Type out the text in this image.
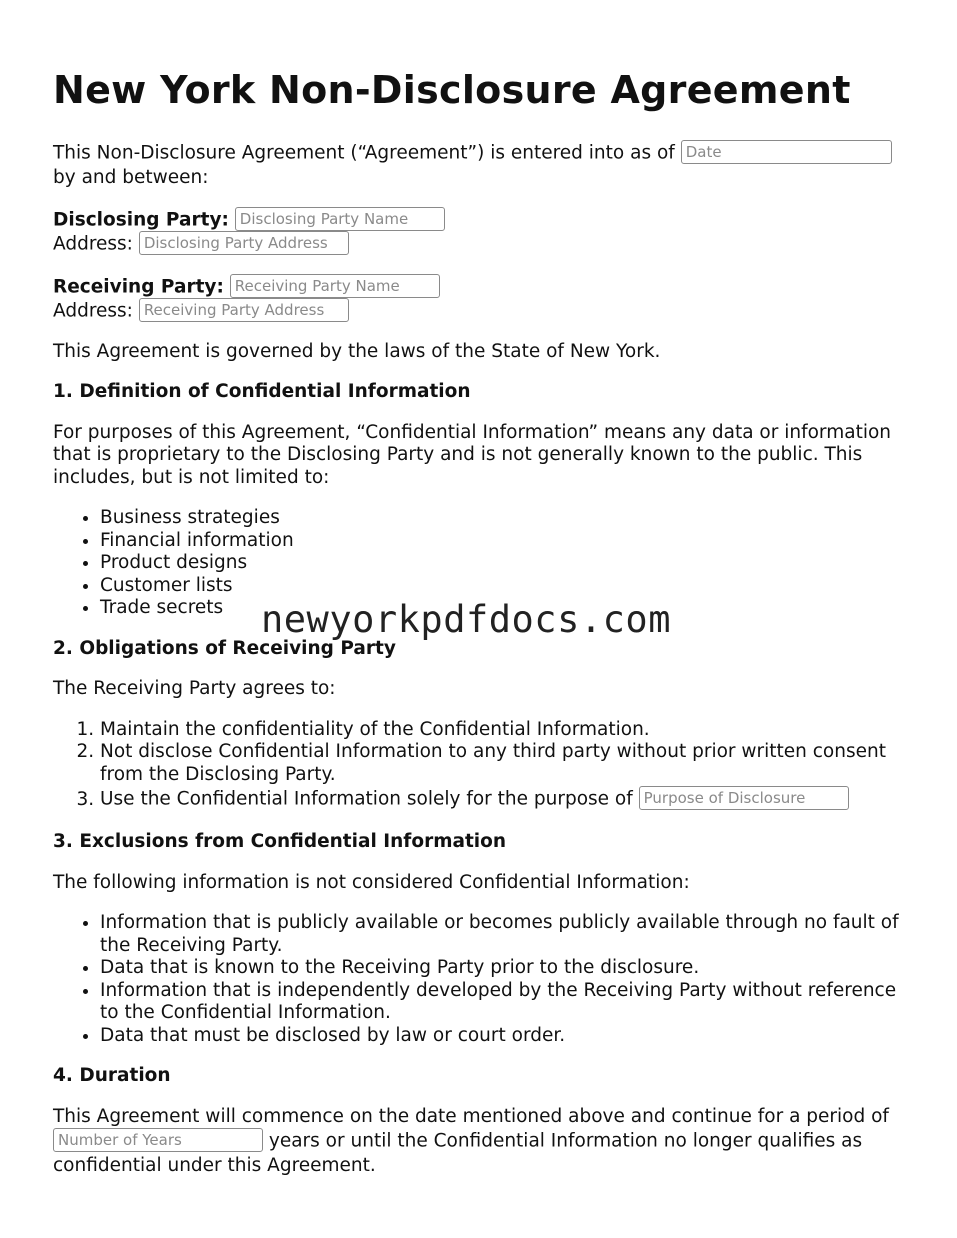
New York Non-Disclosure Agreement

This Non-Disclosure Agreement (“Agreement”) is entered into as of Date
by and between:

Disclosing Party: Disclosing Party Name
Address: Disclosing Party Address
Receiving Party: Receiving Party Name
Address: Receiving Party Address

This Agreement is governed by the laws of the State of New York.

1. Definition of Confidential Information

For purposes of this Agreement, “Confidential Information” means any data or information that is proprietary to the Disclosing Party and is not generally known to the public. This includes, but is not limited to:

• Business strategies
• Financial information
• Product designs
• Customer lists
• Trade secrets
2. Obligations of Receiving Party

The Receiving Party agrees to:

1. Maintain the confidentiality of the Confidential Information.
2. Not disclose Confidential Information to any third party without prior written consent from the Disclosing Party.
3. Use the Confidential Information solely for the purpose of Purpose of Disclosure
3. Exclusions from Confidential Information

The following information is not considered Confidential Information:

• Information that is publicly available or becomes publicly available through no fault of the Receiving Party.
• Data that is known to the Receiving Party prior to the disclosure.
• Information that is independently developed by the Receiving Party without reference to the Confidential Information.
• Data that must be disclosed by law or court order.
4. Duration

This Agreement will commence on the date mentioned above and continue for a period of Number of Years years or until the Confidential Information no longer qualifies as confidential under this Agreement.

newyorkpdfdocs.com
